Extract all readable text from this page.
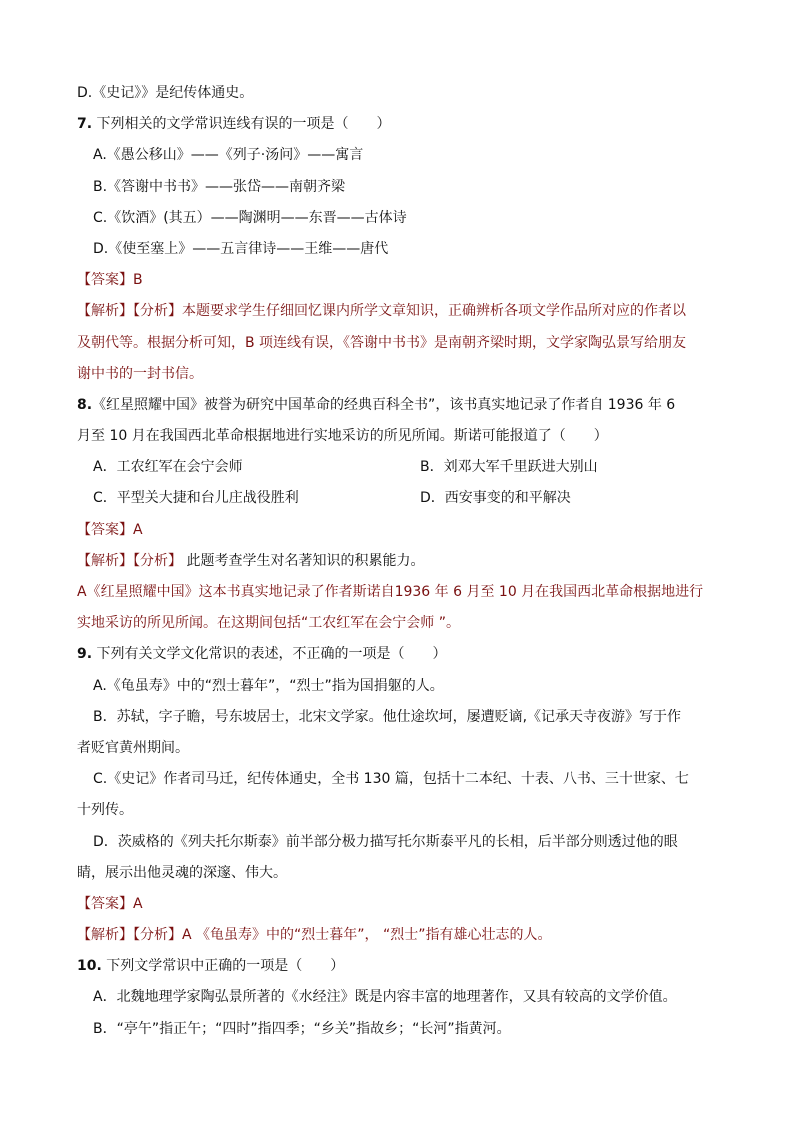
D.《史记》》是纪传体通史。
7. 下列相关的文学常识连线有误的一项是（　　）
A.《愚公移山》——《列子·汤问》——寓言
B.《答谢中书书》——张岱——南朝齐梁
C.《饮酒》(其五）——陶渊明——东晋——古体诗
D.《使至塞上》——五言律诗——王维——唐代
【答案】B
【解析】【分析】本题要求学生仔细回忆课内所学文章知识，正确辨析各项文学作品所对应的作者以
及朝代等。根据分析可知，B 项连线有误，《答谢中书书》是南朝齐梁时期，文学家陶弘景写给朋友
谢中书的一封书信。
8.《红星照耀中国》被誉为研究中国革命的经典百科全书”，该书真实地记录了作者自 1936 年 6
月至 10 月在我国西北革命根据地进行实地采访的所见所闻。斯诺可能报道了（　　）
A．工农红军在会宁会师	B．刘邓大军千里跃进大别山
C．平型关大捷和台儿庄战役胜利	D．西安事变的和平解决
【答案】A
【解析】【分析】 此题考查学生对名著知识的积累能力。
A《红星照耀中国》这本书真实地记录了作者斯诺自1936 年 6 月至 10 月在我国西北革命根据地进行
实地采访的所见所闻。在这期间包括“工农红军在会宁会师 ”。
9. 下列有关文学文化常识的表述，不正确的一项是（　　）
A.《龟虽寿》中的“烈士暮年”，“烈士”指为国捐躯的人。
B．苏轼，字子瞻，号东坡居士，北宋文学家。他仕途坎坷，屡遭贬谪,《记承天寺夜游》写于作
者贬官黄州期间。
C.《史记》作者司马迁，纪传体通史，全书 130 篇，包括十二本纪、十表、八书、三十世家、七
十列传。
D．茨威格的《列夫托尔斯泰》前半部分极力描写托尔斯泰平凡的长相，后半部分则透过他的眼
睛，展示出他灵魂的深邃、伟大。
【答案】A
【解析】【分析】A 《龟虽寿》中的“烈士暮年”， “烈士”指有雄心壮志的人。
10. 下列文学常识中正确的一项是（　　）
A．北魏地理学家陶弘景所著的《水经注》既是内容丰富的地理著作，又具有较高的文学价值。
B．“亭午”指正午；“四时”指四季；“乡关”指故乡；“长河”指黄河。
